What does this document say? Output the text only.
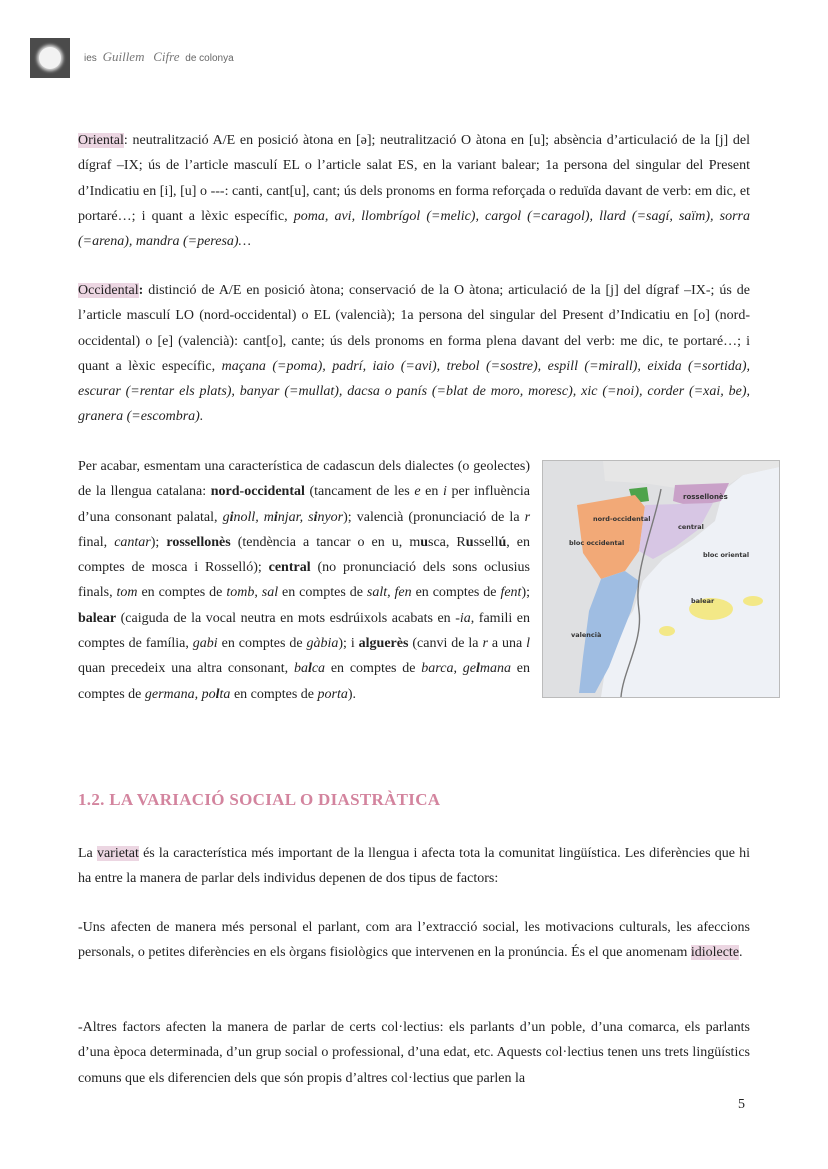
ies Guillem Cifre de colonya

Oriental: neutralització A/E en posició àtona en [ə]; neutralització O àtona en [u]; absència d’articulació de la [j] del dígraf –IX; ús de l’article masculí EL o l’article salat ES, en la variant balear; 1a persona del singular del Present d’Indicatiu en [i], [u] o ---: canti, cant[u], cant; ús dels pronoms en forma reforçada o reduïda davant de verb: em dic, et portaré…; i quant a lèxic específic, poma, avi, llombrígol (=melic), cargol (=caragol), llard (=sagí, saïm), sorra (=arena), mandra (=peresa)…

Occidental: distinció de A/E en posició àtona; conservació de la O àtona; articulació de la [j] del dígraf –IX-; ús de l’article masculí LO (nord-occidental) o EL (valencià); 1a persona del singular del Present d’Indicatiu en [o] (nord-occidental) o [e] (valencià): cant[o], cante; ús dels pronoms en forma plena davant del verb: me dic, te portaré…; i quant a lèxic específic, maçana (=poma), padrí, iaio (=avi), trebol (=sostre), espill (=mirall), eixida (=sortida), escurar (=rentar els plats), banyar (=mullat), dacsa o panís (=blat de moro, moresc), xic (=noi), corder (=xai, be), granera (=escombra).

Per acabar, esmentam una característica de cadascun dels dialectes (o geolectes) de la llengua catalana: nord-occidental (tancament de les e en i per influència d’una consonant palatal, ginoll, minjar, sinyor); valencià (pronunciació de la r final, cantar); rossellonès (tendència a tancar o en u, musca, Russellú, en comptes de mosca i Rosselló); central (no pronunciació dels sons oclusius finals, tom en comptes de tomb, sal en comptes de salt, fen en comptes de fent); balear (caiguda de la vocal neutra en mots esdrúixols acabats en -ia, famili en comptes de família, gabi en comptes de gàbia); i alguerès (canvi de la r a una l quan precedeix una altra consonant, balca en comptes de barca, gelmana en comptes de germana, polta en comptes de porta).

rossellonès
nord-occidental
central
bloc occidental
bloc oriental
balear
valencià
1.2. LA VARIACIÓ SOCIAL O DIASTRÀTICA

La varietat és la característica més important de la llengua i afecta tota la comunitat lingüística. Les diferències que hi ha entre la manera de parlar dels individus depenen de dos tipus de factors:

-Uns afecten de manera més personal el parlant, com ara l’extracció social, les motivacions culturals, les afeccions personals, o petites diferències en els òrgans fisiològics que intervenen en la pronúncia. És el que anomenam idiolecte.

-Altres factors afecten la manera de parlar de certs col·lectius: els parlants d’un poble, d’una comarca, els parlants d’una època determinada, d’un grup social o professional, d’una edat, etc. Aquests col·lectius tenen uns trets lingüístics comuns que els diferencien dels que són propis d’altres col·lectius que parlen la

5
